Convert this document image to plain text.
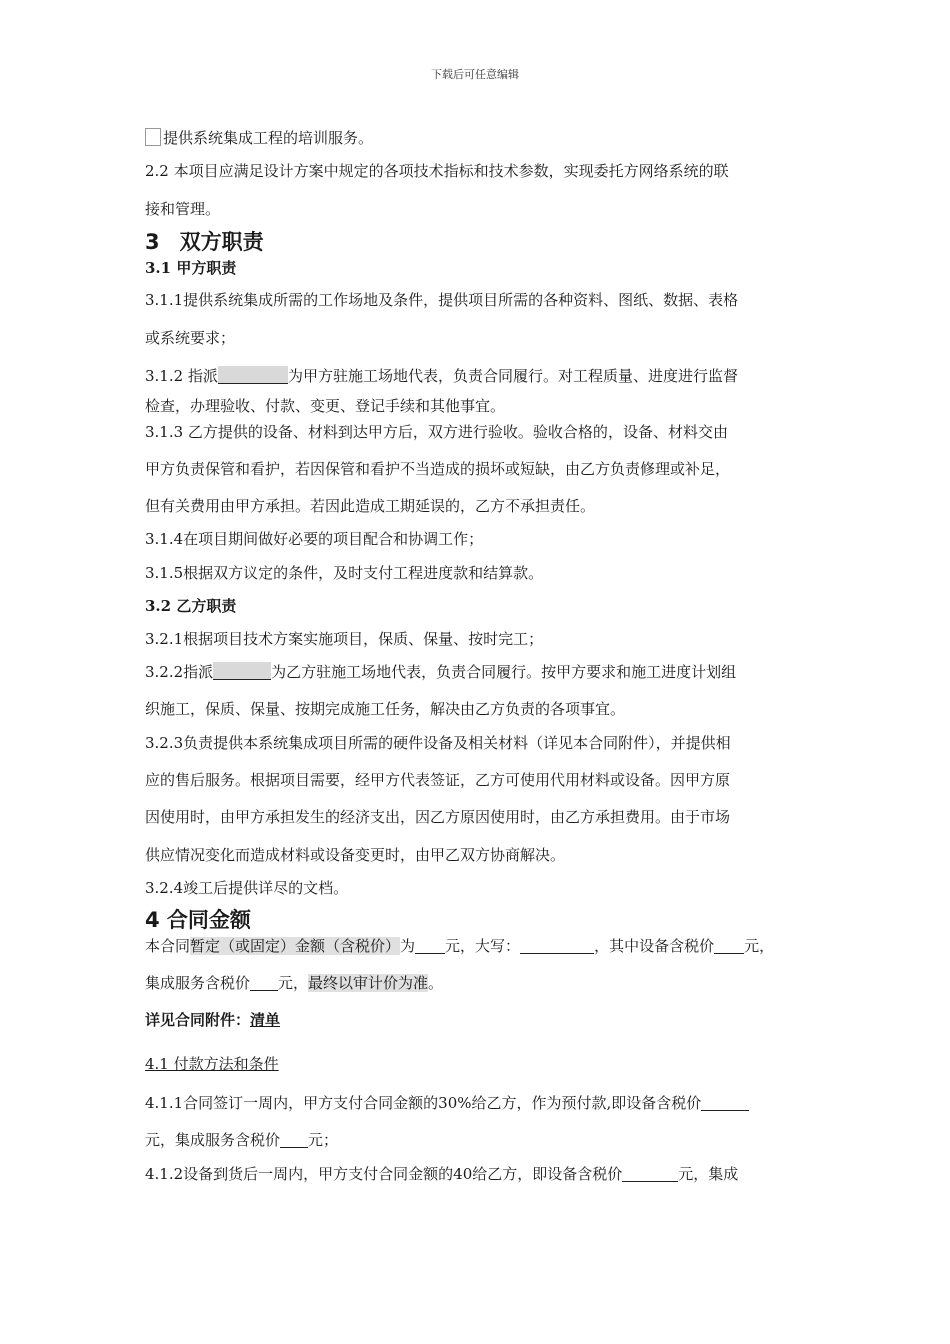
下载后可任意编辑
提供系统集成工程的培训服务。
2.2 本项目应满足设计方案中规定的各项技术指标和技术参数，实现委托方网络系统的联
接和管理。
3 双方职责
3.1 甲方职责
3.1.1提供系统集成所需的工作场地及条件，提供项目所需的各种资料、图纸、数据、表格
或系统要求；
3.1.2 指派	为甲方驻施工场地代表，负责合同履行。对工程质量、进度进行监督
检查，办理验收、付款、变更、登记手续和其他事宜。
3.1.3 乙方提供的设备、材料到达甲方后，双方进行验收。验收合格的，设备、材料交由
甲方负责保管和看护，若因保管和看护不当造成的损坏或短缺，由乙方负责修理或补足，
但有关费用由甲方承担。若因此造成工期延误的，乙方不承担责任。
3.1.4在项目期间做好必要的项目配合和协调工作；
3.1.5根据双方议定的条件，及时支付工程进度款和结算款。
3.2 乙方职责
3.2.1根据项目技术方案实施项目，保质、保量、按时完工；
3.2.2指派	为乙方驻施工场地代表，负责合同履行。按甲方要求和施工进度计划组
织施工，保质、保量、按期完成施工任务，解决由乙方负责的各项事宜。
3.2.3负责提供本系统集成项目所需的硬件设备及相关材料（详见本合同附件），并提供相
应的售后服务。根据项目需要，经甲方代表签证，乙方可使用代用材料或设备。因甲方原
因使用时，由甲方承担发生的经济支出，因乙方原因使用时，由乙方承担费用。由于市场
供应情况变化而造成材料或设备变更时，由甲乙双方协商解决。
3.2.4竣工后提供详尽的文档。
4 合同金额
本合同暂定（或固定）金额（含税价）为 元，大写：	，其中设备含税价 元，
集成服务含税价 元，最终以审计价为准。
详见合同附件：清单
4.1 付款方法和条件
4.1.1合同签订一周内，甲方支付合同金额的30%给乙方，作为预付款,即设备含税价
元，集成服务含税价 元；
4.1.2设备到货后一周内，甲方支付合同金额的40给乙方，即设备含税价	元，集成
